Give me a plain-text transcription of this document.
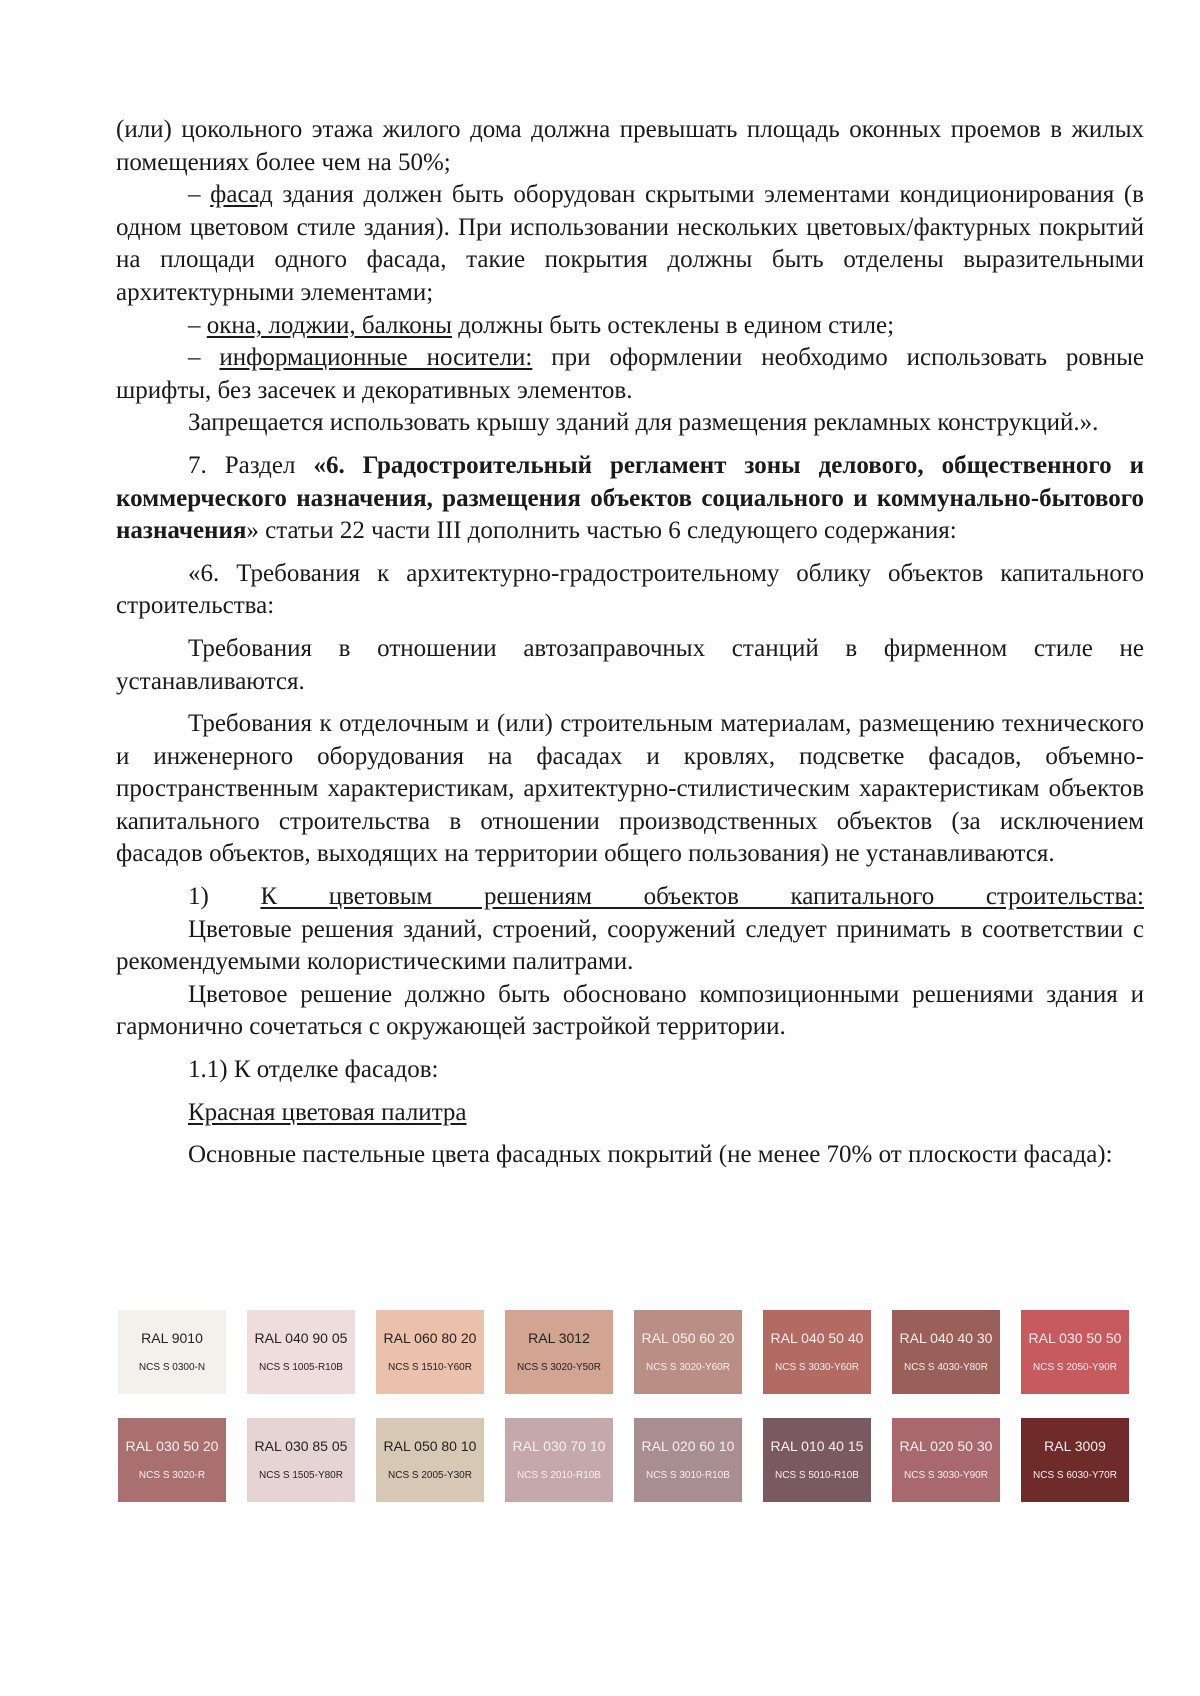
(или) цокольного этажа жилого дома должна превышать площадь оконных проемов в жилых помещениях более чем на 50%;

– фасад здания должен быть оборудован скрытыми элементами кондиционирования (в одном цветовом стиле здания). При использовании нескольких цветовых/фактурных покрытий на площади одного фасада, такие покрытия должны быть отделены выразительными архитектурными элементами;

– окна, лоджии, балконы должны быть остеклены в едином стиле;

– информационные носители: при оформлении необходимо использовать ровные шрифты, без засечек и декоративных элементов.

Запрещается использовать крышу зданий для размещения рекламных конструкций.».

7. Раздел «6. Градостроительный регламент зоны делового, общественного и коммерческого назначения, размещения объектов социального и коммунально-бытового назначения» статьи 22 части III дополнить частью 6 следующего содержания:

«6. Требования к архитектурно-градостроительному облику объектов капитального строительства:

Требования в отношении автозаправочных станций в фирменном стиле не устанавливаются.

Требования к отделочным и (или) строительным материалам, размещению технического и инженерного оборудования на фасадах и кровлях, подсветке фасадов, объемно-пространственным характеристикам, архитектурно-стилистическим характеристикам объектов капитального строительства в отношении производственных объектов (за исключением фасадов объектов, выходящих на территории общего пользования) не устанавливаются.

1) К цветовым решениям объектов капитального строительства:

Цветовые решения зданий, строений, сооружений следует принимать в соответствии с рекомендуемыми колористическими палитрами.

Цветовое решение должно быть обосновано композиционными решениями здания и гармонично сочетаться с окружающей застройкой территории.

1.1) К отделке фасадов:

Красная цветовая палитра

Основные пастельные цвета фасадных покрытий (не менее 70% от плоскости фасада):

RAL 9010
NCS S 0300-N
RAL 040 90 05
NCS S 1005-R10B
RAL 060 80 20
NCS S 1510-Y60R
RAL 3012
NCS S 3020-Y50R
RAL 050 60 20
NCS S 3020-Y60R
RAL 040 50 40
NCS S 3030-Y60R
RAL 040 40 30
NCS S 4030-Y80R
RAL 030 50 50
NCS S 2050-Y90R
RAL 030 50 20
NCS S 3020-R
RAL 030 85 05
NCS S 1505-Y80R
RAL 050 80 10
NCS S 2005-Y30R
RAL 030 70 10
NCS S 2010-R10B
RAL 020 60 10
NCS S 3010-R10B
RAL 010 40 15
NCS S 5010-R10B
RAL 020 50 30
NCS S 3030-Y90R
RAL 3009
NCS S 6030-Y70R
